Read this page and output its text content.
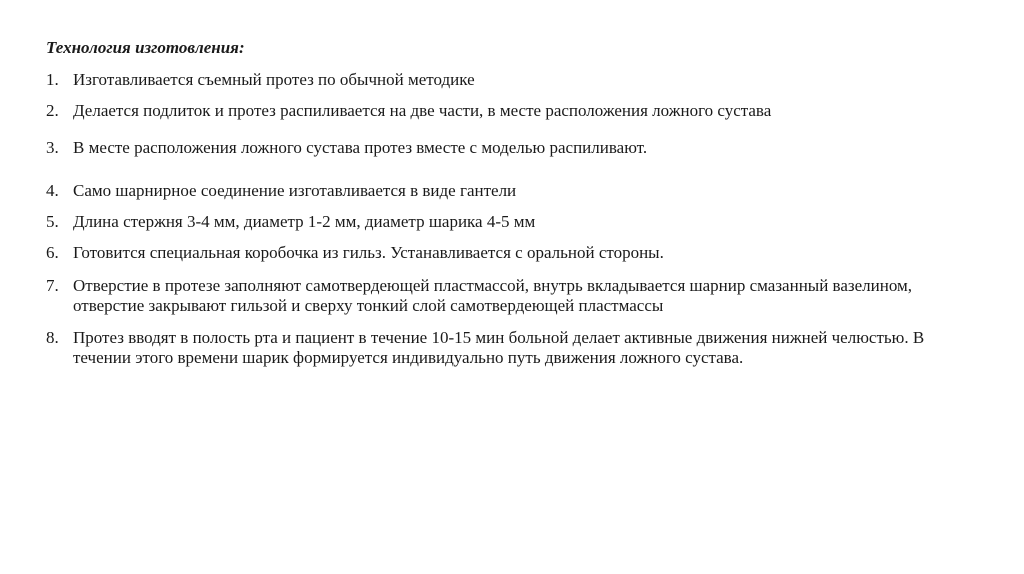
Технология изготовления:
1. Изготавливается съемный протез по обычной методике
2. Делается подлиток и протез распиливается на две части, в месте расположения ложного сустава
3. В месте расположения ложного сустава протез вместе с моделью распиливают.
4. Само шарнирное соединение изготавливается в виде гантели
5. Длина стержня 3-4 мм, диаметр 1-2 мм, диаметр шарика 4-5 мм
6. Готовится специальная коробочка из гильз. Устанавливается с оральной стороны.
7. Отверстие в протезе заполняют самотвердеющей пластмассой, внутрь вкладывается шарнир смазанный вазелином, отверстие закрывают гильзой и сверху тонкий слой самотвердеющей пластмассы
8. Протез вводят в полость рта и пациент в течение 10-15 мин больной делает активные движения нижней челюстью. В течении этого времени шарик формируется индивидуально путь движения ложного сустава.
